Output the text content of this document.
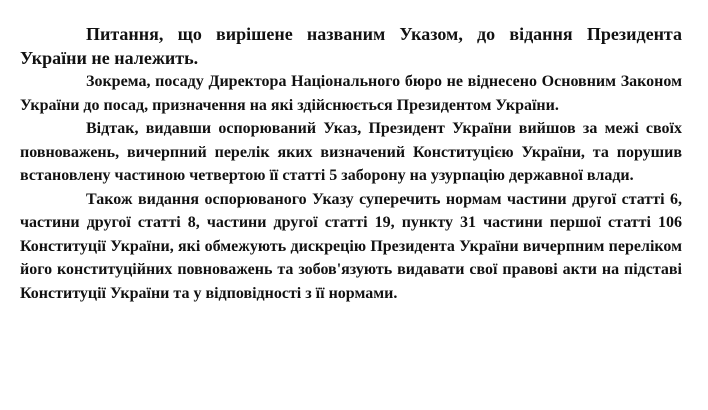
Питання, що вирішене названим Указом, до відання Президента України не належить.

Зокрема, посаду Директора Національного бюро не віднесено Основним Законом України до посад, призначення на які здійснюється Президентом України.

Відтак, видавши оспорюваний Указ, Президент України вийшов за межі своїх повноважень, вичерпний перелік яких визначений Конституцією України, та порушив встановлену частиною четвертою її статті 5 заборону на узурпацію державної влади.

Також видання оспорюваного Указу суперечить нормам частини другої статті 6, частини другої статті 8, частини другої статті 19, пункту 31 частини першої статті 106 Конституції України, які обмежують дискрецію Президента України вичерпним переліком його конституційних повноважень та зобов'язують видавати свої правові акти на підставі Конституції України та у відповідності з її нормами.
